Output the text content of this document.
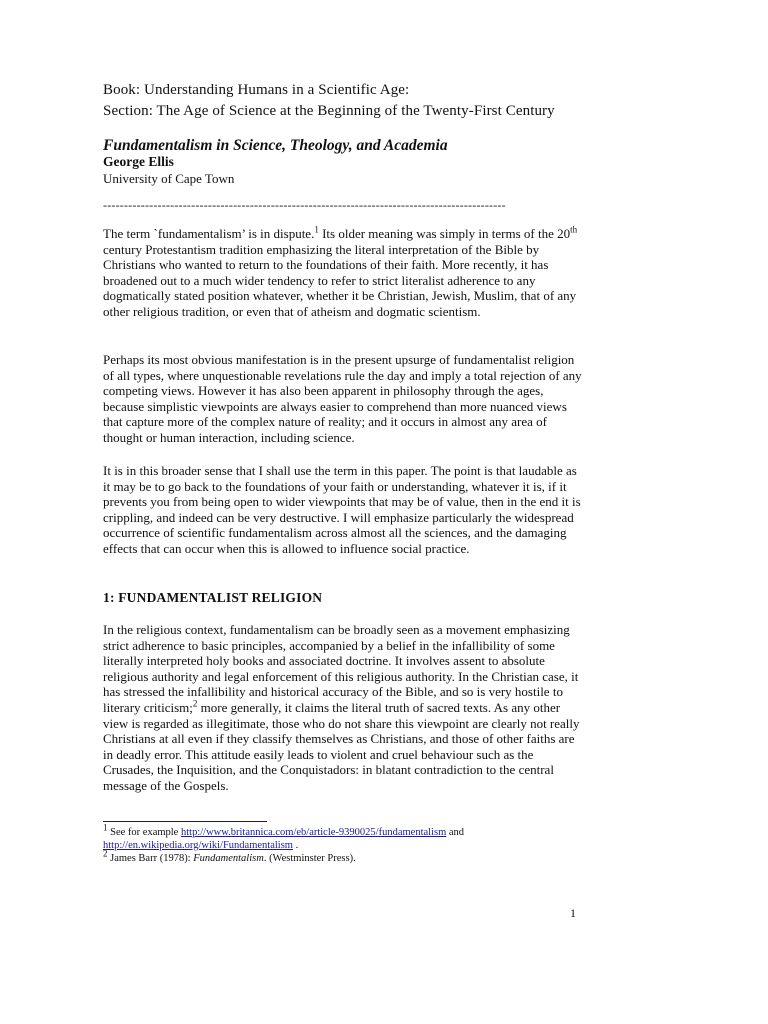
Book: Understanding Humans in a Scientific Age:
Section: The Age of Science at the Beginning of the Twenty-First Century
Fundamentalism in Science, Theology, and Academia
George Ellis
University of Cape Town
------------------------------------------------------------------------------------------------

The term `fundamentalism’ is in dispute.$^1$ Its older meaning was simply in terms of the 20th century Protestantism tradition emphasizing the literal interpretation of the Bible by Christians who wanted to return to the foundations of their faith. More recently, it has broadened out to a much wider tendency to refer to strict literalist adherence to any dogmatically stated position whatever, whether it be Christian, Jewish, Muslim, that of any other religious tradition, or even that of atheism and dogmatic scientism.

Perhaps its most obvious manifestation is in the present upsurge of fundamentalist religion of all types, where unquestionable revelations rule the day and imply a total rejection of any competing views. However it has also been apparent in philosophy through the ages, because simplistic viewpoints are always easier to comprehend than more nuanced views that capture more of the complex nature of reality; and it occurs in almost any area of thought or human interaction, including science.

It is in this broader sense that I shall use the term in this paper. The point is that laudable as it may be to go back to the foundations of your faith or understanding, whatever it is, if it prevents you from being open to wider viewpoints that may be of value, then in the end it is crippling, and indeed can be very destructive. I will emphasize particularly the widespread occurrence of scientific fundamentalism across almost all the sciences, and the damaging effects that can occur when this is allowed to influence social practice.

1: FUNDAMENTALIST RELIGION

In the religious context, fundamentalism can be broadly seen as a movement emphasizing strict adherence to basic principles, accompanied by a belief in the infallibility of some literally interpreted holy books and associated doctrine. It involves assent to absolute religious authority and legal enforcement of this religious authority. In the Christian case, it has stressed the infallibility and historical accuracy of the Bible, and so is very hostile to literary criticism;$^2$ more generally, it claims the literal truth of sacred texts. As any other view is regarded as illegitimate, those who do not share this viewpoint are clearly not really Christians at all even if they classify themselves as Christians, and those of other faiths are in deadly error. This attitude easily leads to violent and cruel behaviour such as the Crusades, the Inquisition, and the Conquistadors: in blatant contradiction to the central message of the Gospels.

$^1$ See for example http://www.britannica.com/eb/article-9390025/fundamentalism and
http://en.wikipedia.org/wiki/Fundamentalism .

$^2$ James Barr (1978): Fundamentalism. (Westminster Press).

1
